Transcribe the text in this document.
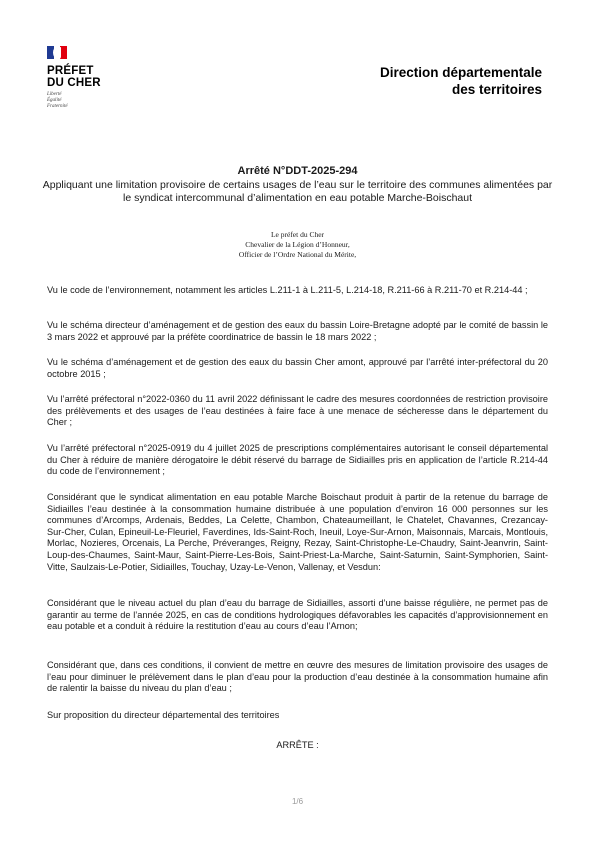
PRÉFET
DU CHER
Liberté
Égalité
Fraternité
Direction départementale
des territoires
Arrêté N°DDT-2025-294
Appliquant une limitation provisoire de certains usages de l’eau sur le territoire des communes alimentées par le syndicat intercommunal d’alimentation en eau potable Marche-Boischaut
Le préfet du Cher
Chevalier de la Légion d’Honneur,
Officier de l’Ordre National du Mérite,
Vu le code de l’environnement, notamment les articles L.211-1 à L.211-5, L.214-18, R.211-66 à R.211-70 et R.214-44 ;
Vu le schéma directeur d’aménagement et de gestion des eaux du bassin Loire-Bretagne adopté par le comité de bassin le 3 mars 2022 et approuvé par la préfète coordinatrice de bassin le 18 mars 2022 ;
Vu le schéma d’aménagement et de gestion des eaux du bassin Cher amont, approuvé par l’arrêté inter-préfectoral du 20 octobre 2015 ;
Vu l’arrêté préfectoral n°2022-0360 du 11 avril 2022 définissant le cadre des mesures coordonnées de restriction provisoire des prélèvements et des usages de l’eau destinées à faire face à une menace de sécheresse dans le département du Cher ;
Vu l’arrêté préfectoral n°2025-0919 du 4 juillet 2025 de prescriptions complémentaires autorisant le conseil départemental du Cher à réduire de manière dérogatoire le débit réservé du barrage de Sidiailles pris en application de l’article R.214-44 du code de l’environnement ;
Considérant que le syndicat alimentation en eau potable Marche Boischaut produit à partir de la retenue du barrage de Sidiailles l’eau destinée à la consommation humaine distribuée à une population d’environ 16 000 personnes sur les communes d’Arcomps, Ardenais, Beddes, La Celette, Chambon, Chateaumeillant, le Chatelet, Chavannes, Crezancay-Sur-Cher, Culan, Epineuil-Le-Fleuriel, Faverdines, Ids-Saint-Roch, Ineuil, Loye-Sur-Arnon, Maisonnais, Marcais, Montlouis, Morlac, Nozieres, Orcenais, La Perche, Préveranges, Reigny, Rezay, Saint-Christophe-Le-Chaudry, Saint-Jeanvrin, Saint-Loup-des-Chaumes, Saint-Maur, Saint-Pierre-Les-Bois, Saint-Priest-La-Marche, Saint-Saturnin, Saint-Symphorien, Saint-Vitte, Saulzais-Le-Potier, Sidiailles, Touchay, Uzay-Le-Venon, Vallenay, et Vesdun:
Considérant que le niveau actuel du plan d’eau du barrage de Sidiailles, assorti d’une baisse régulière, ne permet pas de garantir au terme de l’année 2025, en cas de conditions hydrologiques défavorables les capacités d’approvisionnement en eau potable et a conduit à réduire la restitution d’eau au cours d’eau l’Arnon;
Considérant que, dans ces conditions, il convient de mettre en œuvre des mesures de limitation provisoire des usages de l’eau pour diminuer le prélèvement dans le plan d’eau pour la production d’eau destinée à la consommation humaine afin de ralentir la baisse du niveau du plan d’eau ;
Sur proposition du directeur départemental des territoires
ARRÊTE :
1/6
